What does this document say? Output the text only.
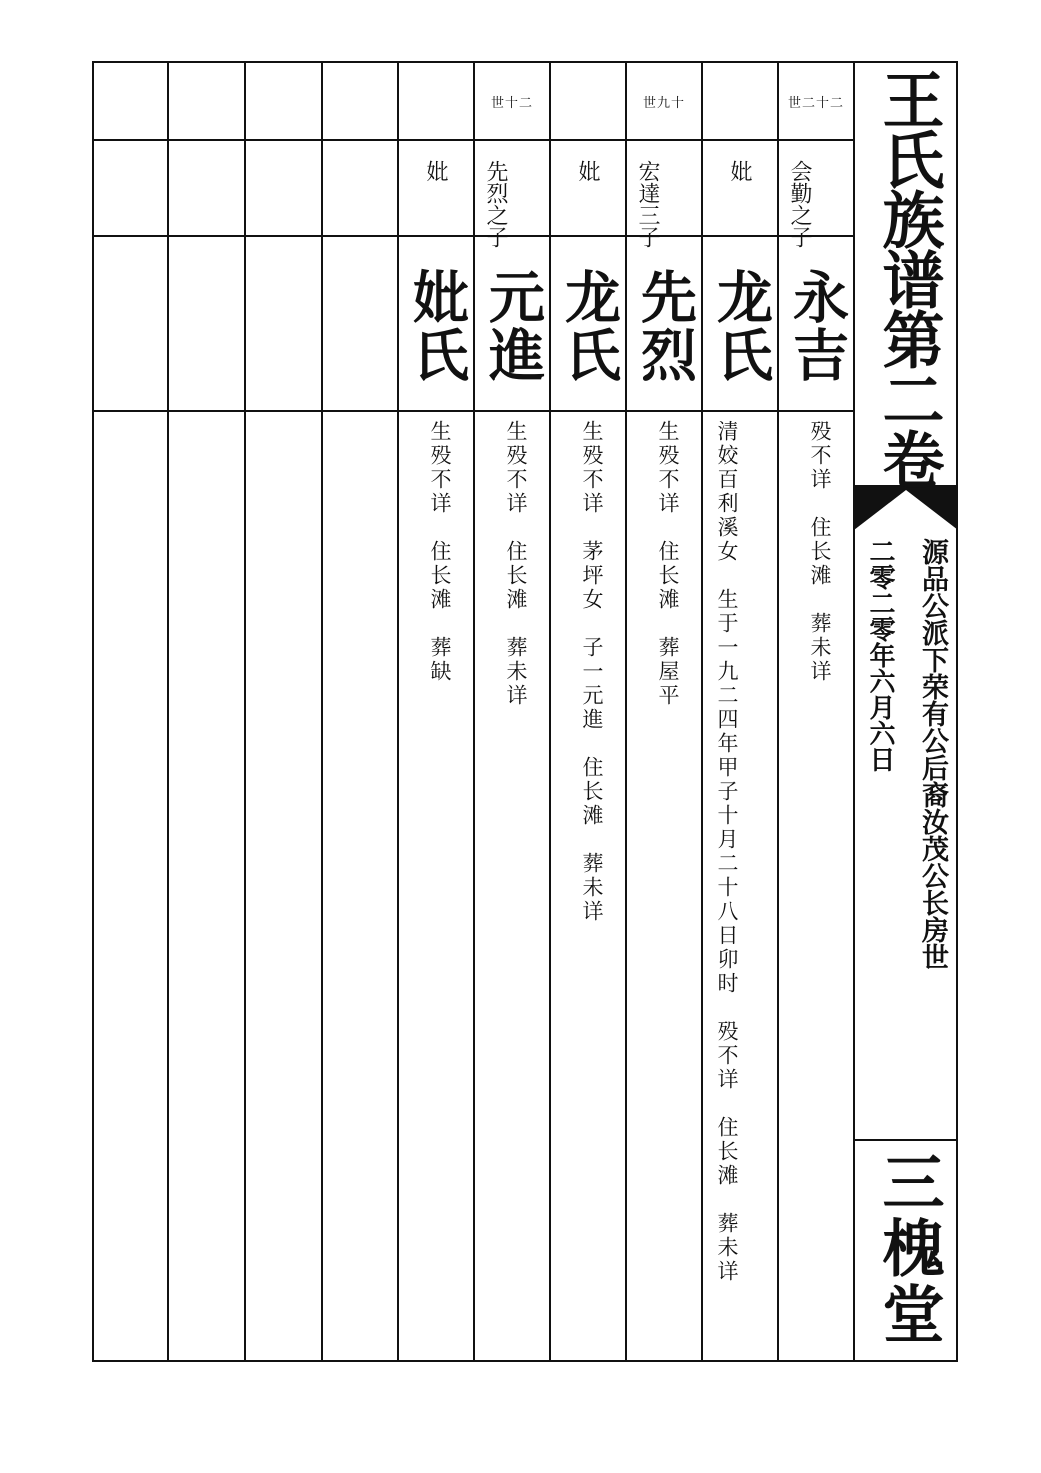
王氏族谱第二卷
三槐堂
源品公派下荣有公后裔汝茂公长房世
二零二零年六月六日
世二十二
会勤之子
永吉
殁不详　住长滩　葬未详
妣
龙氏
清姣百利溪女　生于一九二四年甲子十月二十八日卯时　殁不详　住长滩　葬未详
世九十
宏達三子
先烈
生殁不详　住长滩　葬屋平
妣
龙氏
生殁不详　茅坪女　子一元進　住长滩　葬未详
世十二
先烈之子
元進
生殁不详　住长滩　葬未详
妣
妣氏
生殁不详　住长滩　葬缺
